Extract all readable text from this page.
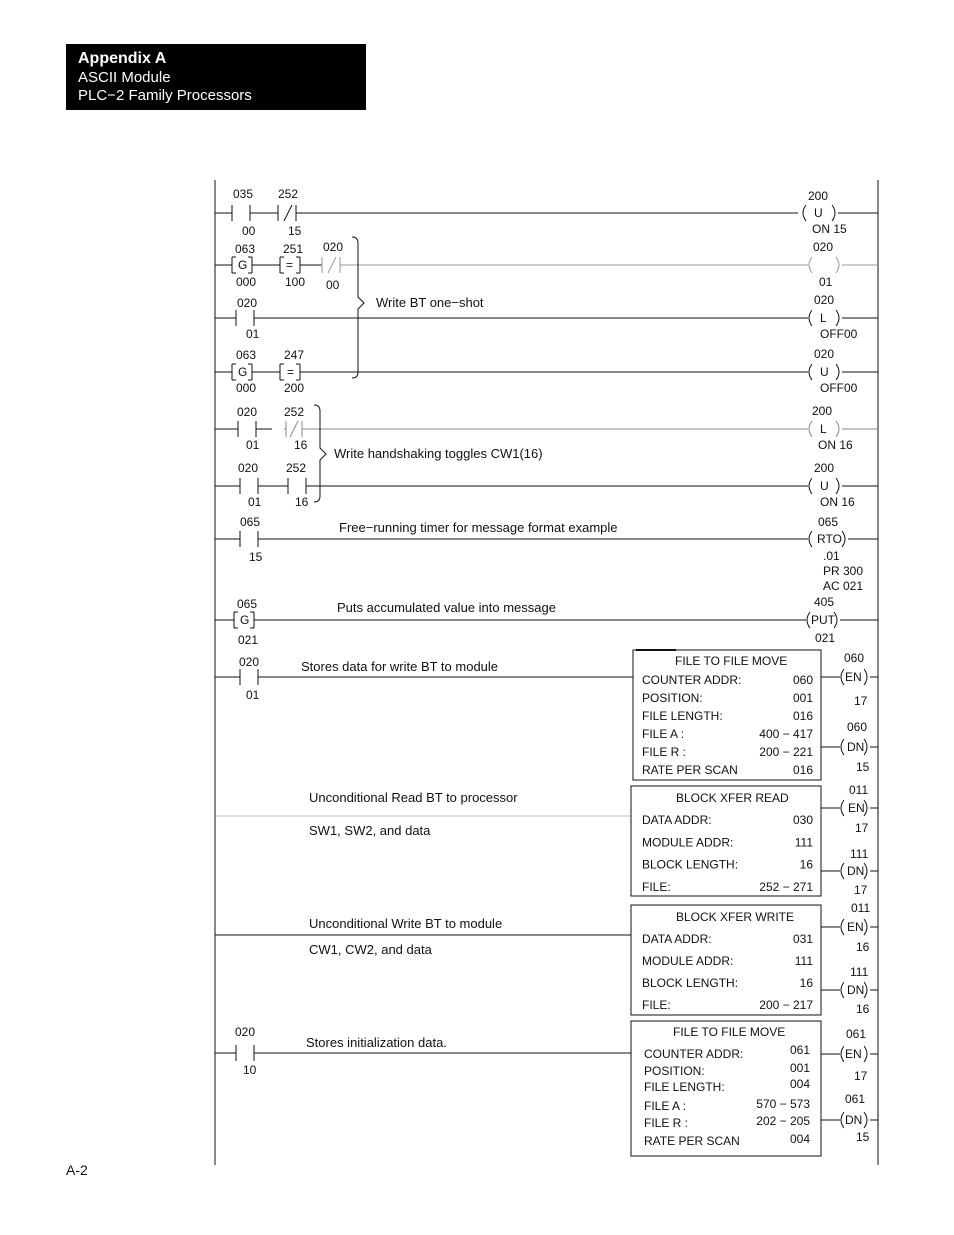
Appendix A
ASCII Module
PLC−2 Family Processors
035
00
252
15
200
U
ON 15
063
G
000
251
=
100
020
00
020
01
020
01
Write BT one−shot	020
L
OFF00
063
G
000
247
=
200
020
U
OFF00
020
01
252
16
200
L
ON 16
020
01
252
16
Write handshaking toggles CW1(16)
200
U
ON 16
065
15
Free−running timer for message format example	065
RTO
.01
PR 300
AC 021
065
G
021
Puts accumulated value into message	405
PUT
021
020
01
Stores data for write BT to module	FILE TO FILE MOVE	060
EN
17
060
DN
15
Unconditional Read BT to processor
SW1, SW2, and data
BLOCK XFER READ
011
EN
17
111
DN
17
Unconditional Write BT to module
CW1, CW2, and data
BLOCK XFER WRITE
011
EN
16
111
DN
16
020
10
Stores initialization data.
FILE TO FILE MOVE	061
EN
17
061
DN
15
COUNTER ADDR:	060
POSITION:	001
FILE LENGTH:	016
FILE A :	400 − 417
FILE R :	200 − 221
RATE PER SCAN	016
DATA ADDR:	030
MODULE ADDR:	111
BLOCK LENGTH:	16
FILE:	252 − 271
DATA ADDR:	031
MODULE ADDR:	111
BLOCK LENGTH:	16
FILE:	200 − 217
COUNTER ADDR:	061
POSITION:	001
FILE LENGTH:	004
FILE A :	570 − 573
FILE R :	202 − 205
RATE PER SCAN	004
A-2
